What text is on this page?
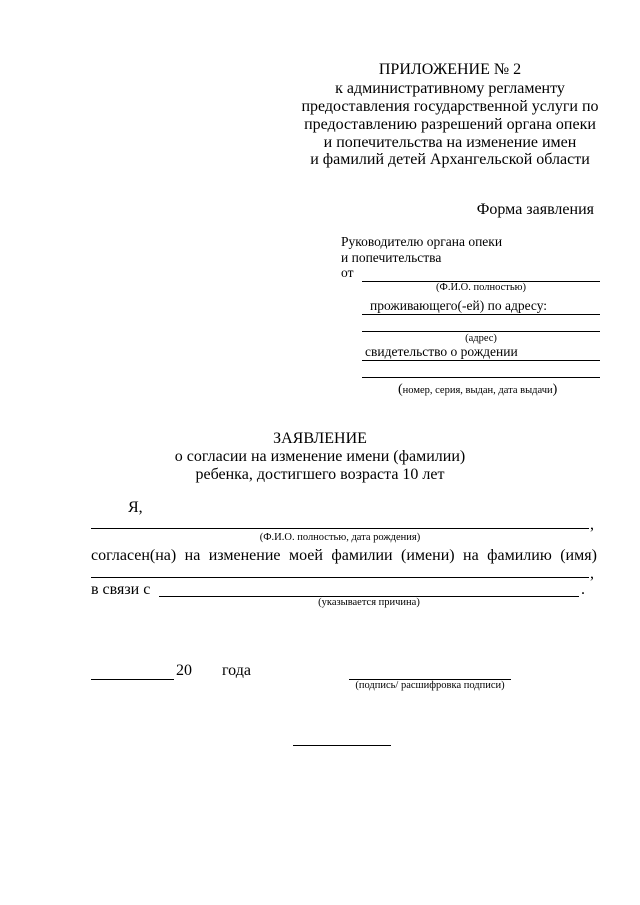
ПРИЛОЖЕНИЕ № 2
к административному регламенту
предоставления государственной услуги по
предоставлению разрешений органа опеки
и попечительства на изменение имен
и фамилий детей Архангельской области
Форма заявления
Руководителю органа опеки
и попечительства
от
(Ф.И.О. полностью)
проживающего(-ей) по адресу:
(адрес)
свидетельство о рождении
(номер, серия, выдан, дата выдачи)
ЗАЯВЛЕНИЕ
о согласии на изменение имени (фамилии)
ребенка, достигшего возраста 10 лет
Я,
,
(Ф.И.О. полностью, дата рождения)
согласен(на) на изменение моей фамилии (имени) на фамилию (имя)
,
в связи с	.
(указывается причина)
20 года
(подпись/ расшифровка подписи)
